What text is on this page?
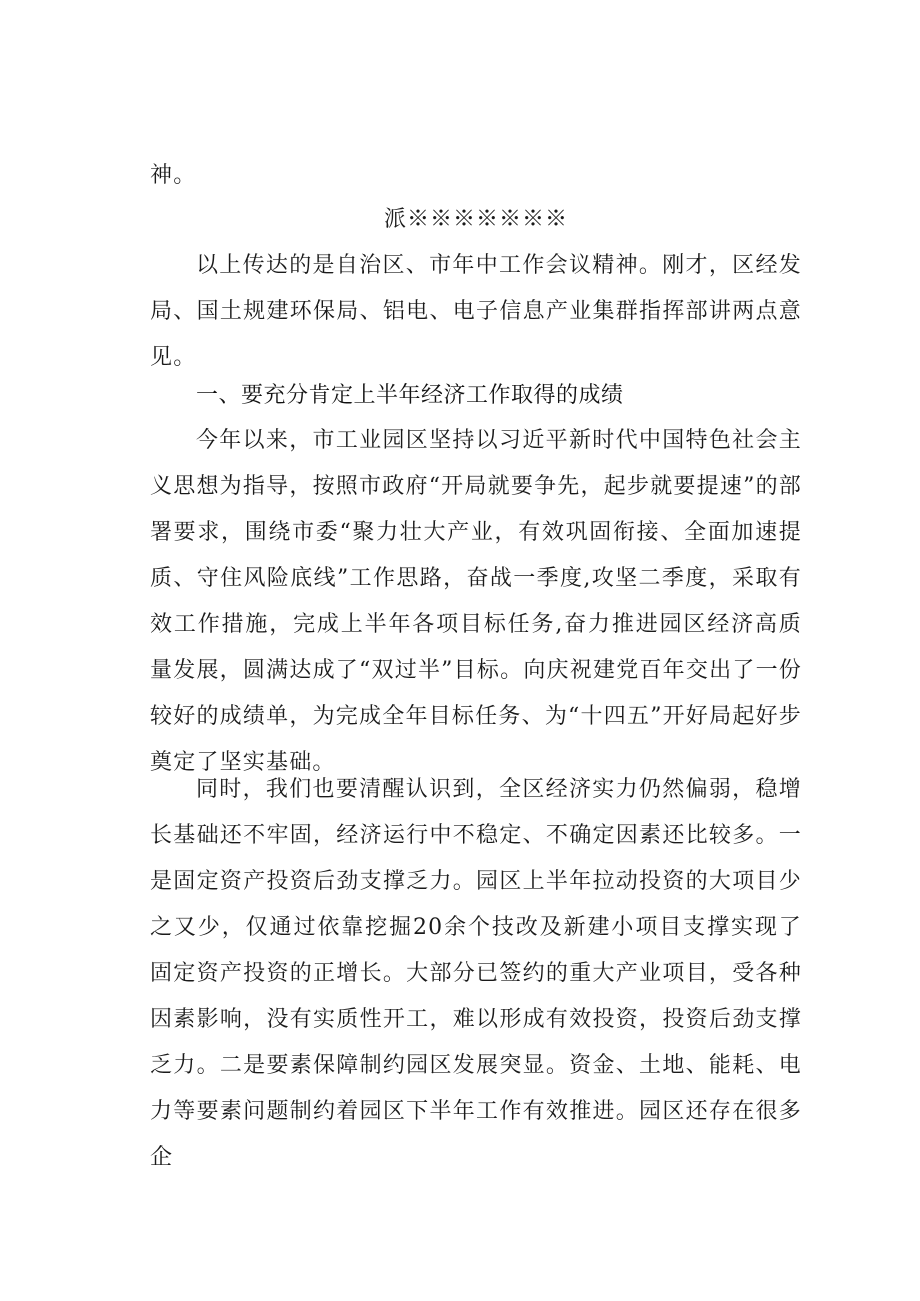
神。

派※※※※※※※

以上传达的是自治区、市年中工作会议精神。刚才，区经发局、国土规建环保局、铝电、电子信息产业集群指挥部讲两点意见。

一、要充分肯定上半年经济工作取得的成绩

今年以来，市工业园区坚持以习近平新时代中国特色社会主义思想为指导，按照市政府“开局就要争先，起步就要提速”的部署要求，围绕市委“聚力壮大产业，有效巩固衔接、全面加速提质、守住风险底线”工作思路，奋战一季度,攻坚二季度，采取有效工作措施，完成上半年各项目标任务,奋力推进园区经济高质量发展，圆满达成了“双过半”目标。向庆祝建党百年交出了一份较好的成绩单，为完成全年目标任务、为“十四五”开好局起好步奠定了坚实基础。

同时，我们也要清醒认识到，全区经济实力仍然偏弱，稳增长基础还不牢固，经济运行中不稳定、不确定因素还比较多。一是固定资产投资后劲支撑乏力。园区上半年拉动投资的大项目少之又少，仅通过依靠挖掘20余个技改及新建小项目支撑实现了固定资产投资的正增长。大部分已签约的重大产业项目，受各种因素影响，没有实质性开工，难以形成有效投资，投资后劲支撑乏力。二是要素保障制约园区发展突显。资金、土地、能耗、电力等要素问题制约着园区下半年工作有效推进。园区还存在很多企
